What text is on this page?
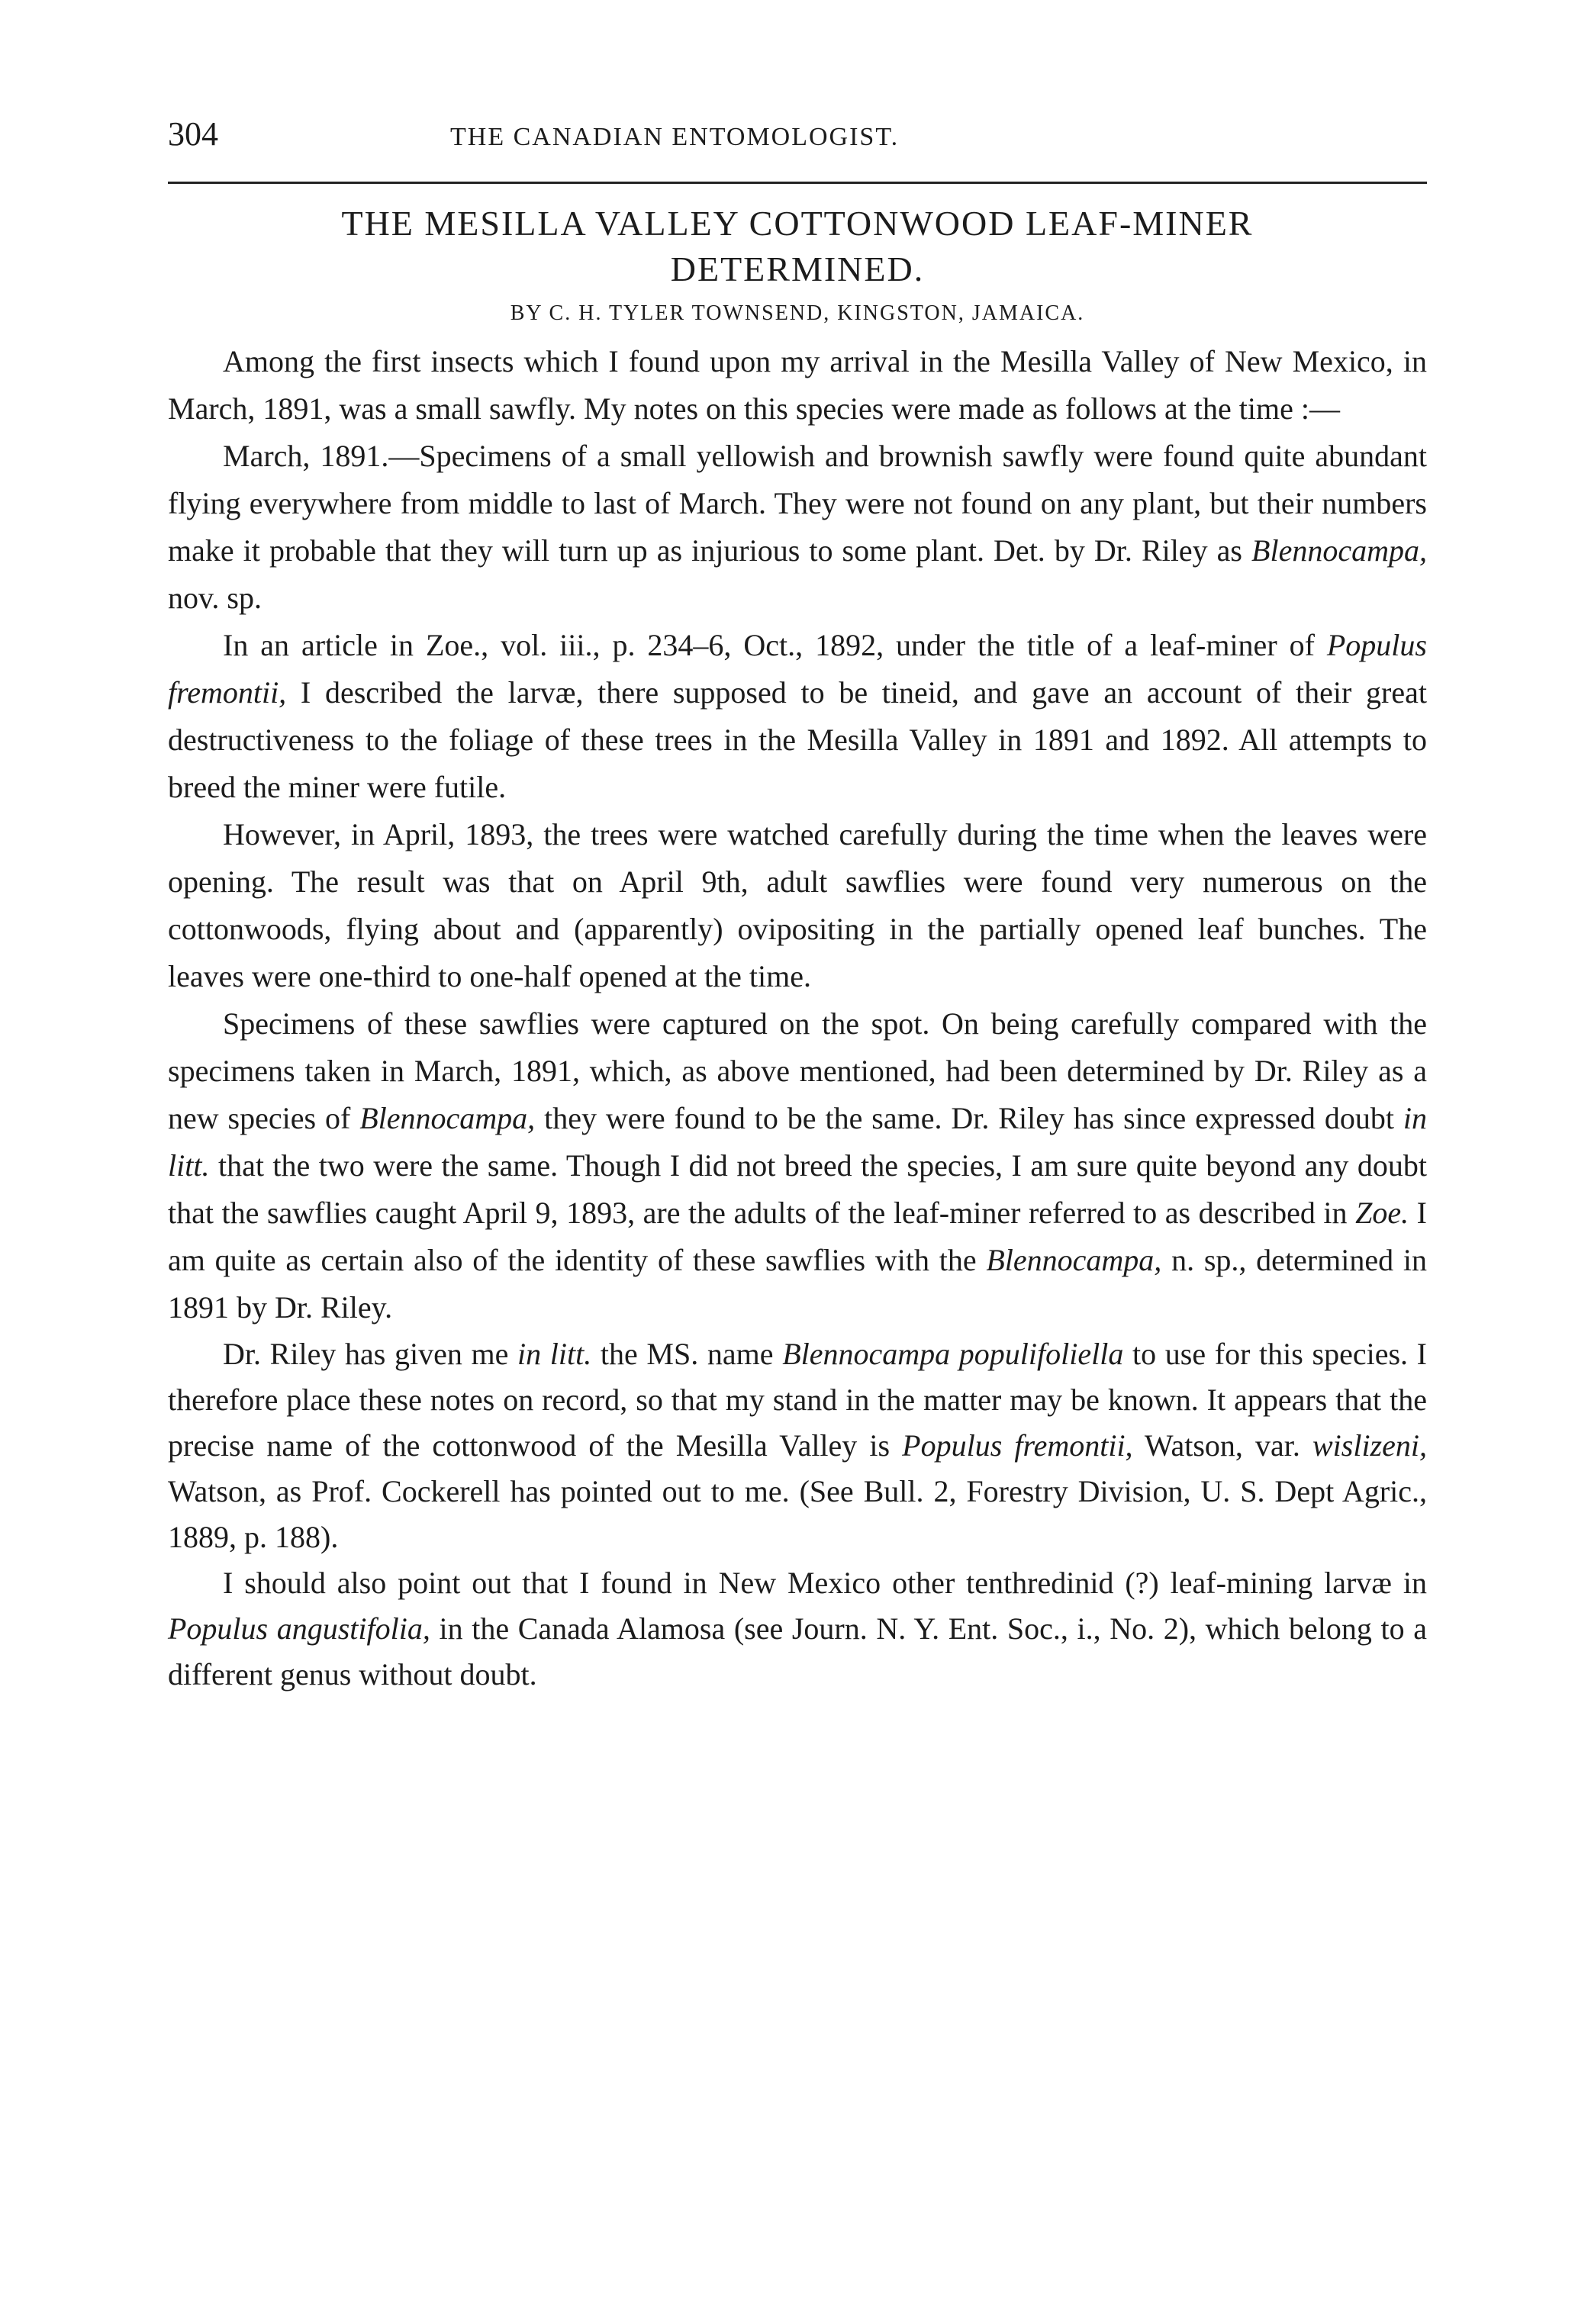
304	THE CANADIAN ENTOMOLOGIST.
THE MESILLA VALLEY COTTONWOOD LEAF-MINER
DETERMINED.
BY C. H. TYLER TOWNSEND, KINGSTON, JAMAICA.

Among the first insects which I found upon my arrival in the Mesilla Valley of New Mexico, in March, 1891, was a small sawfly. My notes on this species were made as follows at the time :—

March, 1891.—Specimens of a small yellowish and brownish sawfly were found quite abundant flying everywhere from middle to last of March. They were not found on any plant, but their numbers make it probable that they will turn up as injurious to some plant. Det. by Dr. Riley as Blennocampa, nov. sp.

In an article in Zoe., vol. iii., p. 234–6, Oct., 1892, under the title of a leaf-miner of Populus fremontii, I described the larvæ, there supposed to be tineid, and gave an account of their great destructiveness to the foliage of these trees in the Mesilla Valley in 1891 and 1892. All attempts to breed the miner were futile.

However, in April, 1893, the trees were watched carefully during the time when the leaves were opening. The result was that on April 9th, adult sawflies were found very numerous on the cottonwoods, flying about and (apparently) ovipositing in the partially opened leaf bunches. The leaves were one-third to one-half opened at the time.

Specimens of these sawflies were captured on the spot. On being carefully compared with the specimens taken in March, 1891, which, as above mentioned, had been determined by Dr. Riley as a new species of Blennocampa, they were found to be the same. Dr. Riley has since expressed doubt in litt. that the two were the same. Though I did not breed the species, I am sure quite beyond any doubt that the sawflies caught April 9, 1893, are the adults of the leaf-miner referred to as described in Zoe. I am quite as certain also of the identity of these sawflies with the Blennocampa, n. sp., determined in 1891 by Dr. Riley.

Dr. Riley has given me in litt. the MS. name Blennocampa populifoliella to use for this species. I therefore place these notes on record, so that my stand in the matter may be known. It appears that the precise name of the cottonwood of the Mesilla Valley is Populus fremontii, Watson, var. wislizeni, Watson, as Prof. Cockerell has pointed out to me. (See Bull. 2, Forestry Division, U. S. Dept Agric., 1889, p. 188).

I should also point out that I found in New Mexico other tenthredinid (?) leaf-mining larvæ in Populus angustifolia, in the Canada Alamosa (see Journ. N. Y. Ent. Soc., i., No. 2), which belong to a different genus without doubt.
